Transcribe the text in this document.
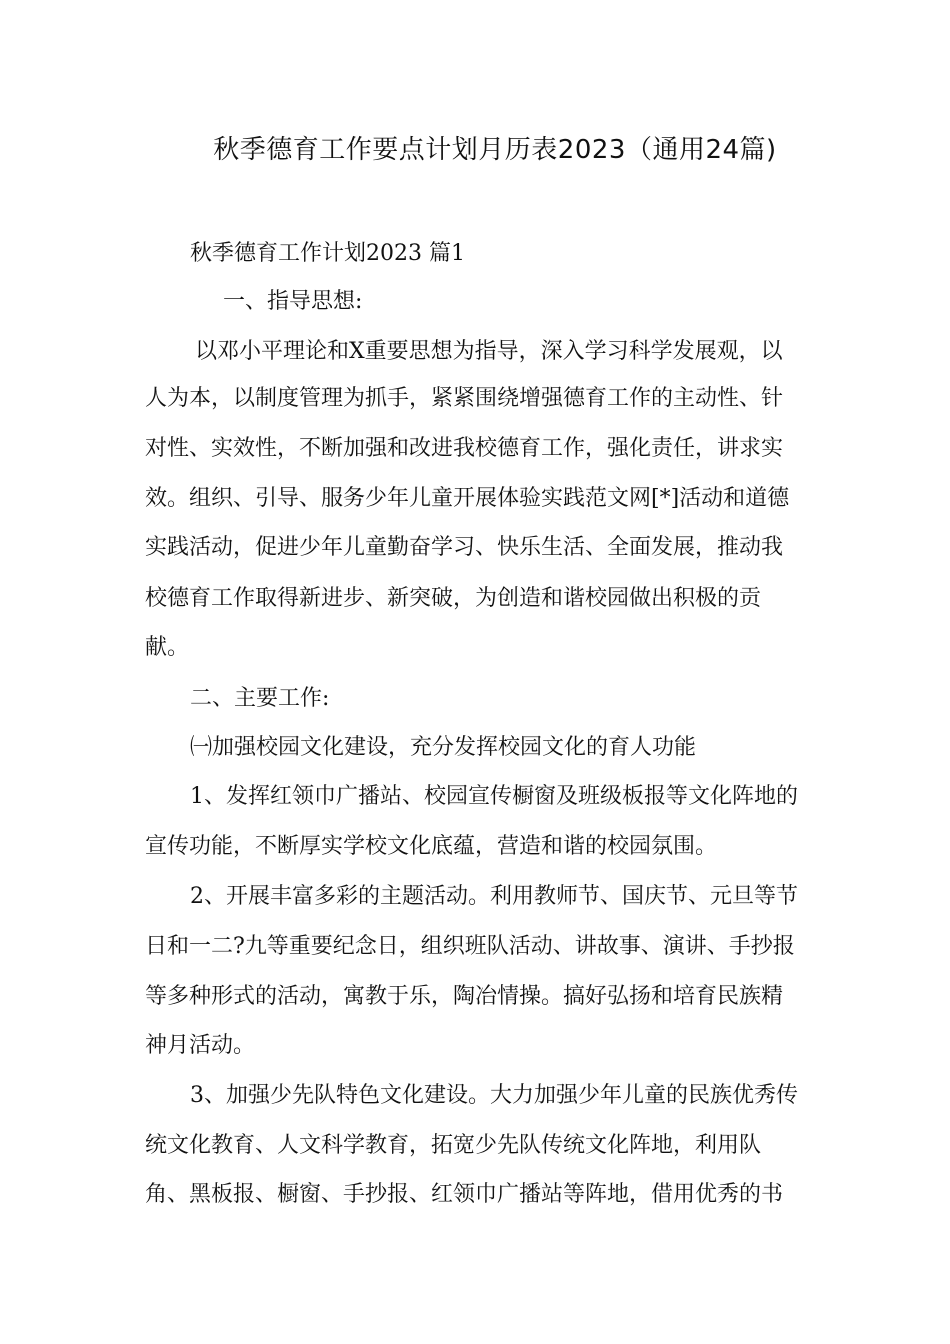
秋季德育工作要点计划月历表2023（通用24篇)
秋季德育工作计划2023 篇1
一、指导思想:
以邓小平理论和X重要思想为指导，深入学习科学发展观，以
人为本，以制度管理为抓手，紧紧围绕增强德育工作的主动性、针
对性、实效性，不断加强和改进我校德育工作，强化责任，讲求实
效。组织、引导、服务少年儿童开展体验实践范文网[*]活动和道德
实践活动，促进少年儿童勤奋学习、快乐生活、全面发展，推动我
校德育工作取得新进步、新突破，为创造和谐校园做出积极的贡
献。
二、主要工作:
㈠加强校园文化建设，充分发挥校园文化的育人功能
1、发挥红领巾广播站、校园宣传橱窗及班级板报等文化阵地的
宣传功能，不断厚实学校文化底蕴，营造和谐的校园氛围。
2、开展丰富多彩的主题活动。利用教师节、国庆节、元旦等节
日和一二?九等重要纪念日，组织班队活动、讲故事、演讲、手抄报
等多种形式的活动，寓教于乐，陶冶情操。搞好弘扬和培育民族精
神月活动。
3、加强少先队特色文化建设。大力加强少年儿童的民族优秀传
统文化教育、人文科学教育，拓宽少先队传统文化阵地，利用队
角、黑板报、橱窗、手抄报、红领巾广播站等阵地，借用优秀的书
